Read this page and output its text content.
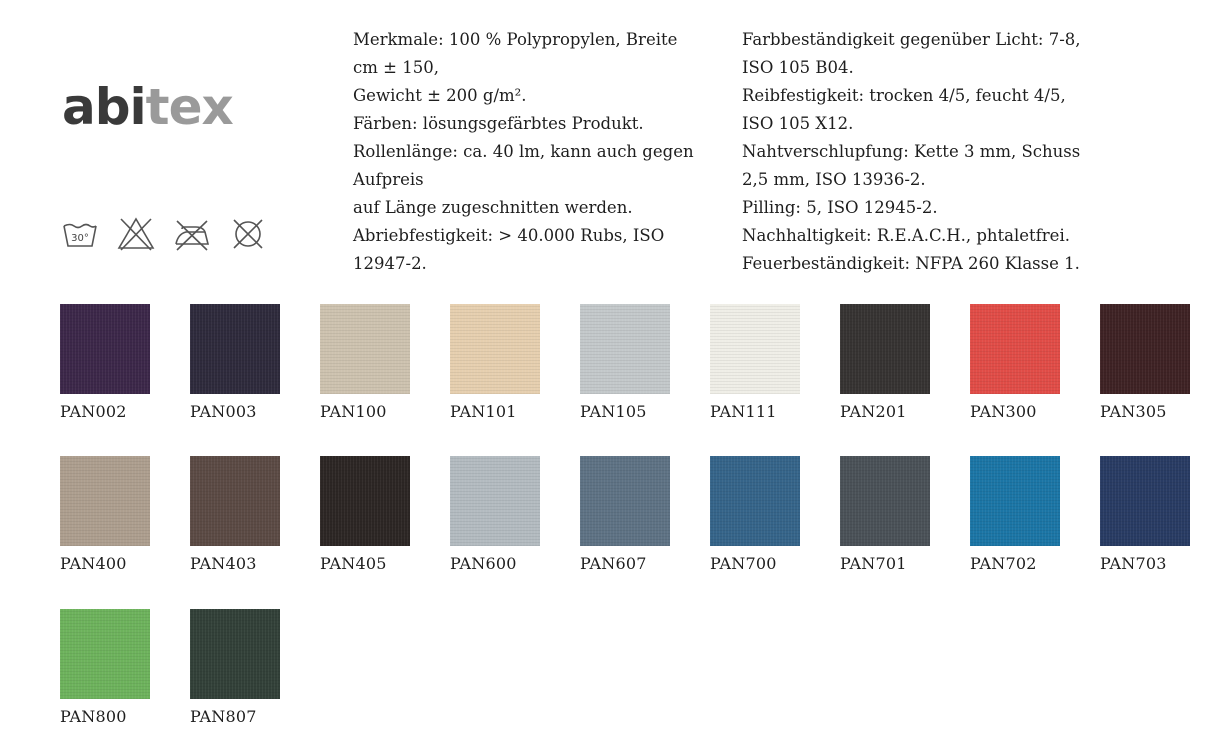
abitex
30°
Merkmale: 100 % Polypropylen, Breite
cm ± 150,
Gewicht ± 200 g/m².
Färben: lösungsgefärbtes Produkt.
Rollenlänge: ca. 40 lm, kann auch gegen
Aufpreis
auf Länge zugeschnitten werden.
Abriebfestigkeit: > 40.000 Rubs, ISO
12947-2.
Farbbeständigkeit gegenüber Licht: 7-8,
ISO 105 B04.
Reibfestigkeit: trocken 4/5, feucht 4/5,
ISO 105 X12.
Nahtverschlupfung: Kette 3 mm, Schuss
2,5 mm, ISO 13936-2.
Pilling: 5, ISO 12945-2.
Nachhaltigkeit: R.E.A.C.H., phtaletfrei.
Feuerbeständigkeit: NFPA 260 Klasse 1.
PAN002	PAN003	PAN100	PAN101	PAN105	PAN111	PAN201	PAN300	PAN305
PAN400	PAN403	PAN405	PAN600	PAN607	PAN700	PAN701	PAN702	PAN703
PAN800	PAN807
